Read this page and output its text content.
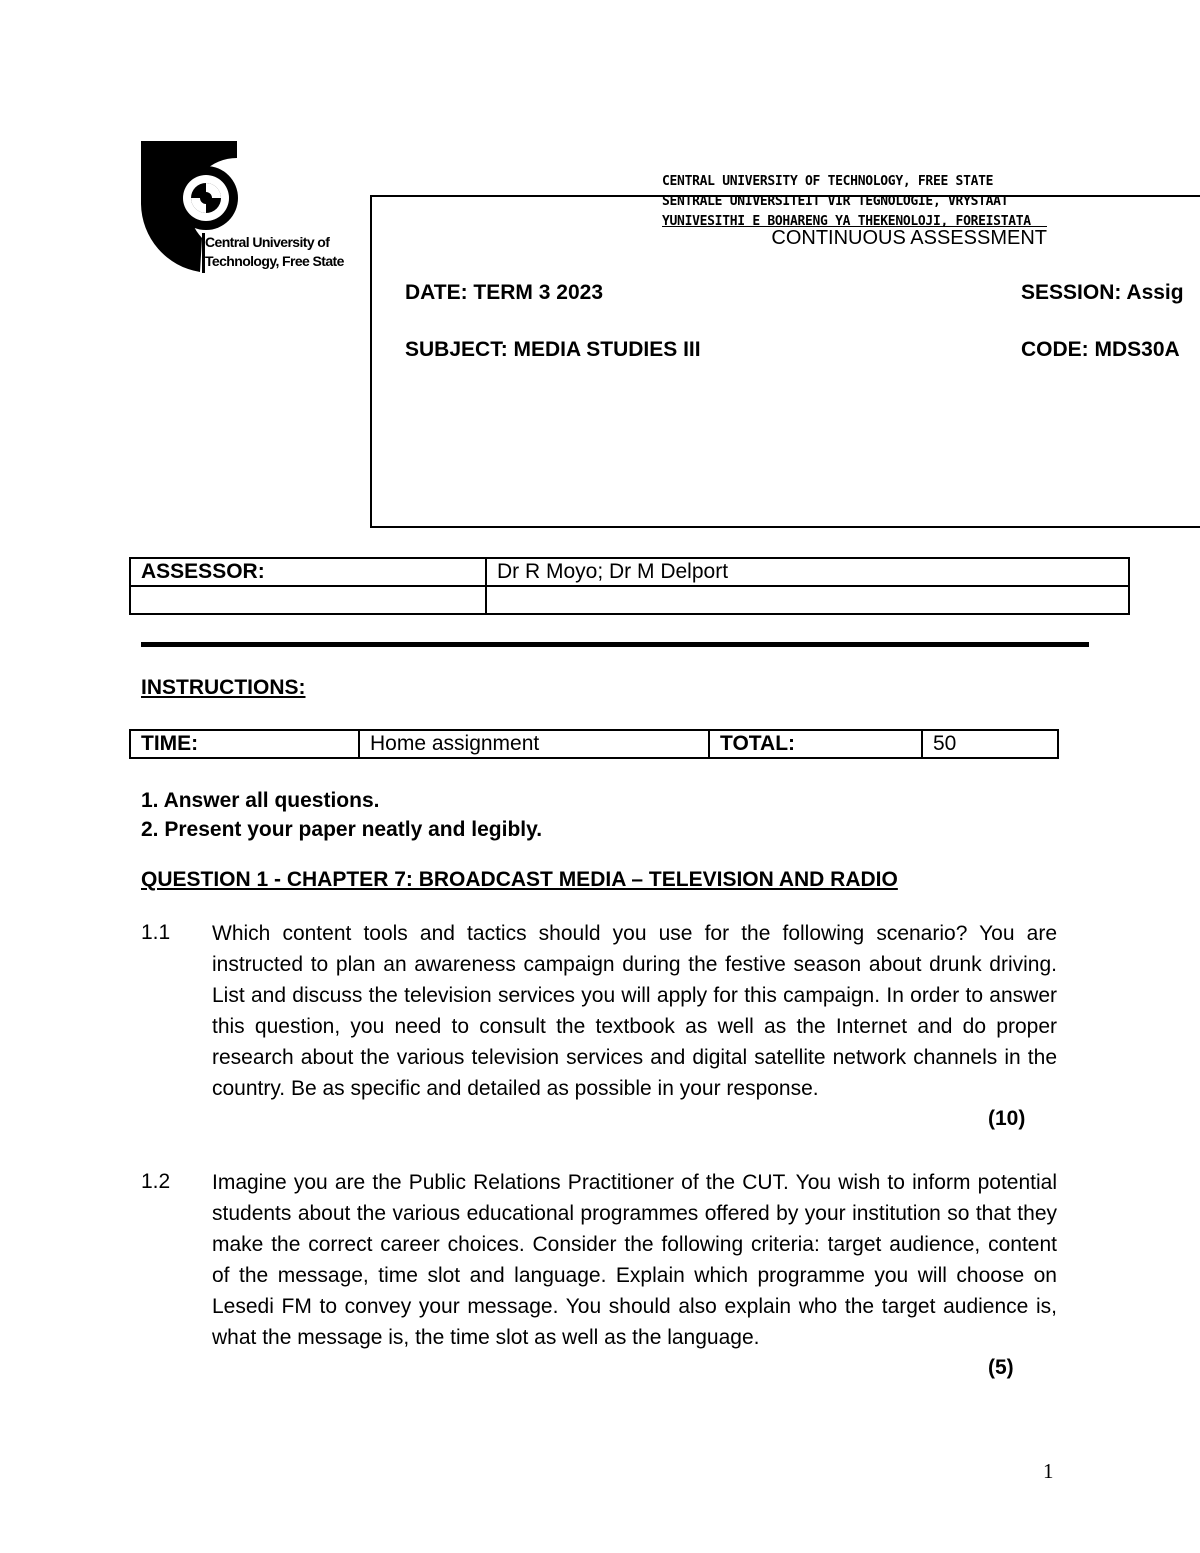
Central University of
Technology, Free State
CENTRAL UNIVERSITY OF TECHNOLOGY, FREE STATE
SENTRALE UNIVERSITEIT VIR TEGNOLOGIE, VRYSTAAT
YUNIVESITHI E BOHARENG YA THEKENOLOJI, FOREISTATA
CONTINUOUS ASSESSMENT
DATE: TERM 3 2023	SESSION: Assig
SUBJECT: MEDIA STUDIES III	CODE: MDS30A
ASSESSOR:	Dr R Moyo; Dr M Delport

INSTRUCTIONS:
TIME:	Home assignment	TOTAL:	50
1. Answer all questions.
2. Present your paper neatly and legibly.
QUESTION 1 - CHAPTER 7: BROADCAST MEDIA – TELEVISION AND RADIO
1.1 Which content tools and tactics should you use for the following scenario? You are instructed to plan an awareness campaign during the festive season about drunk driving. List and discuss the television services you will apply for this campaign. In order to answer this question, you need to consult the textbook as well as the Internet and do proper research about the various television services and digital satellite network channels in the country. Be as specific and detailed as possible in your response.
(10)
1.2 Imagine you are the Public Relations Practitioner of the CUT. You wish to inform potential students about the various educational programmes offered by your institution so that they make the correct career choices. Consider the following criteria: target audience, content of the message, time slot and language. Explain which programme you will choose on Lesedi FM to convey your message. You should also explain who the target audience is, what the message is, the time slot as well as the language.
(5)
1
